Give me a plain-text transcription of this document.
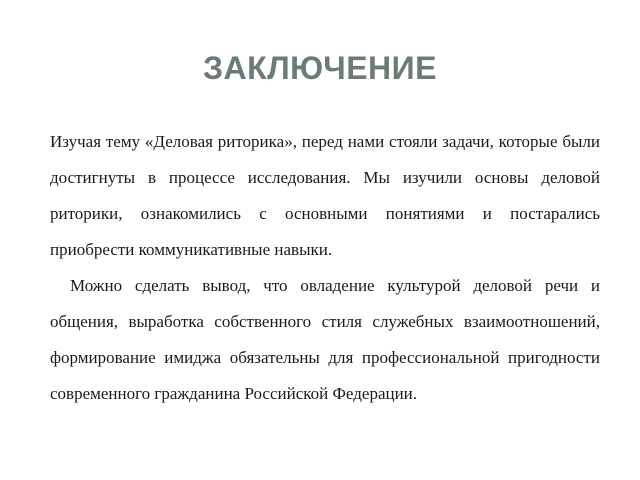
ЗАКЛЮЧЕНИЕ

Изучая тему «Деловая риторика», перед нами стояли задачи, которые были достигнуты в процессе исследования. Мы изучили основы деловой риторики, ознакомились с основными понятиями и постарались приобрести коммуникативные навыки.

Можно сделать вывод, что овладение культурой деловой речи и общения, выработка собственного стиля служебных взаимоотношений, формирование имиджа обязательны для профессиональной пригодности современного гражданина Российской Федерации.
